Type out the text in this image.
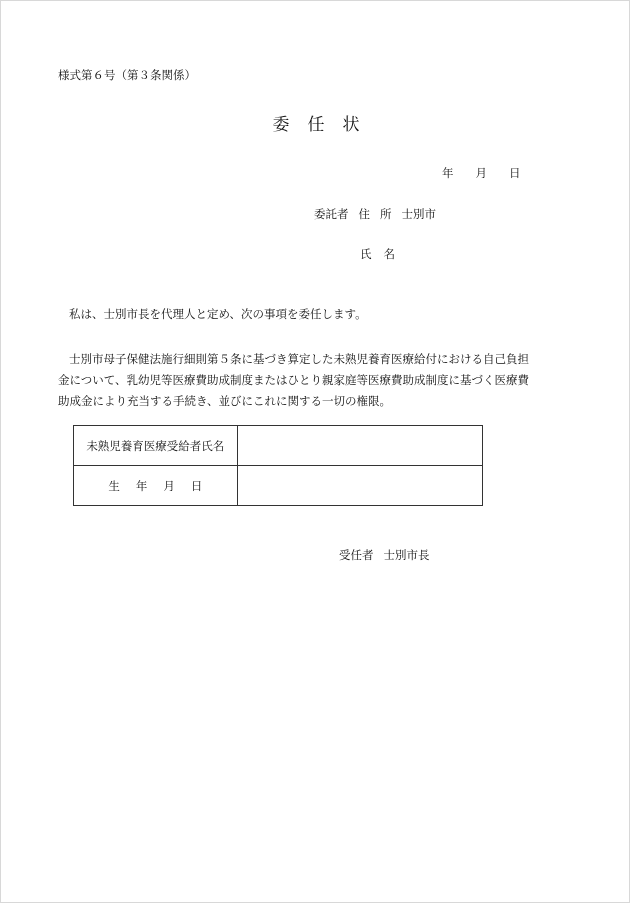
様式第６号（第３条関係）
委 任 状
年 月 日
委託者 住 所 士別市
氏 名
私は、士別市長を代理人と定め、次の事項を委任します。
士別市母子保健法施行細則第５条に基づき算定した未熟児養育医療給付における自己負担金について、乳幼児等医療費助成制度またはひとり親家庭等医療費助成制度に基づく医療費助成金により充当する手続き、並びにこれに関する一切の権限。
未熟児養育医療受給者氏名	
生 年 月 日	
受任者 士別市長
